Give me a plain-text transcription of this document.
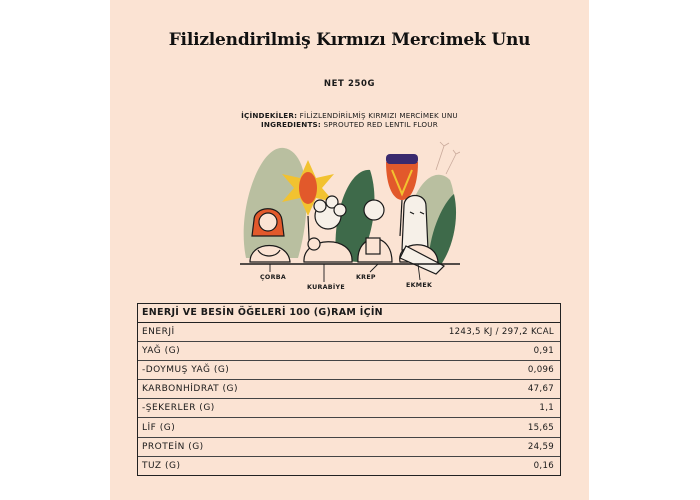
Filizlendirilmiş Kırmızı Mercimek Unu
NET 250G
İÇİNDEKİLER: FİLİZLENDİRİLMİŞ KIRMIZI MERCİMEK UNU
INGREDIENTS: SPROUTED RED LENTIL FLOUR
ÇORBA
KURABİYE
KREP
EKMEK
ENERJİ VE BESİN ÖĞELERİ 100 (G)RAM İÇİN
ENERJİ	1243,5 KJ / 297,2 KCAL
YAĞ (G)	0,91
-DOYMUŞ YAĞ (G)	0,096
KARBONHİDRAT (G)	47,67
-ŞEKERLER (G)	1,1
LİF (G)	15,65
PROTEİN (G)	24,59
TUZ (G)	0,16
